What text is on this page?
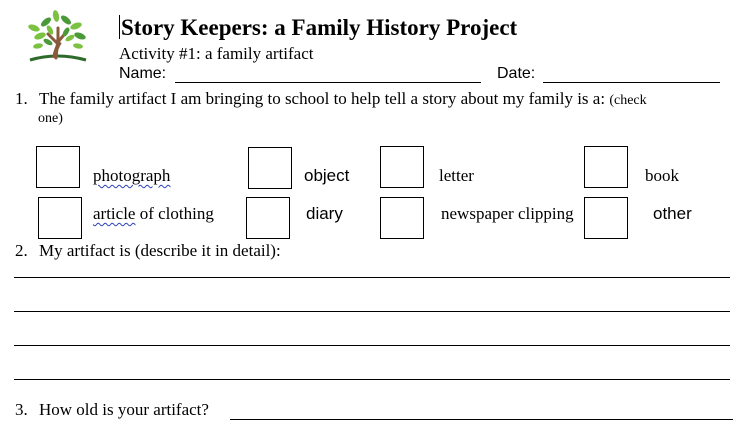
Story Keepers: a Family History Project
Activity #1: a family artifact
Name:	Date:
1. The family artifact I am bringing to school to help tell a story about my family is a: (check
one)
photograph	object	letter	book
article of clothing	diary	newspaper clipping	other
2. My artifact is (describe it in detail):
3. How old is your artifact?
